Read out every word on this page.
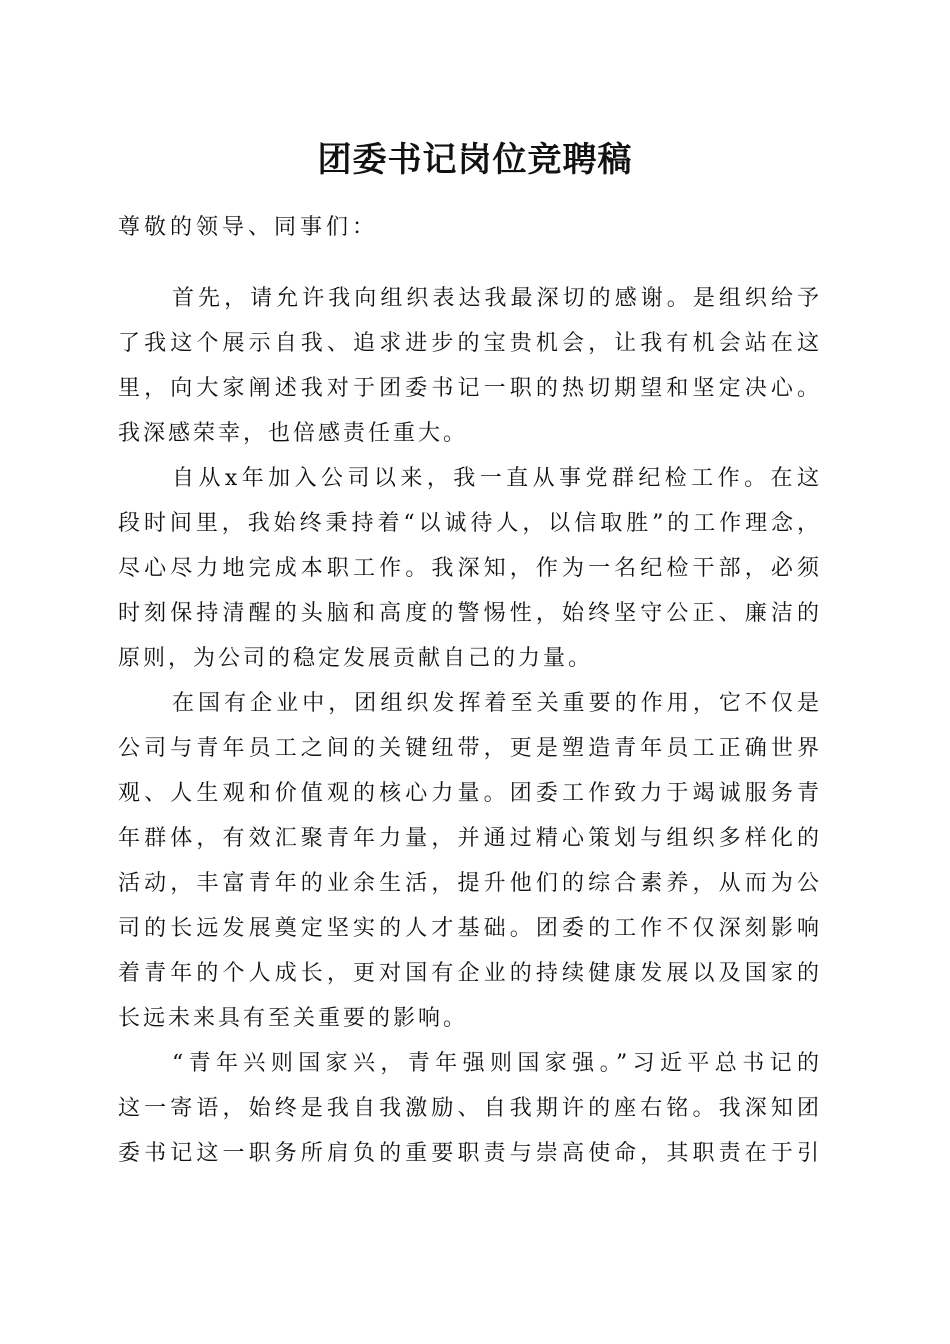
团委书记岗位竞聘稿
尊敬的领导、同事们：
首先，请允许我向组织表达我最深切的感谢。是组织给予
了我这个展示自我、追求进步的宝贵机会，让我有机会站在这
里，向大家阐述我对于团委书记一职的热切期望和坚定决心。
我深感荣幸，也倍感责任重大。
自从x年加入公司以来，我一直从事党群纪检工作。在这
段时间里，我始终秉持着“以诚待人，以信取胜”的工作理念，
尽心尽力地完成本职工作。我深知，作为一名纪检干部，必须
时刻保持清醒的头脑和高度的警惕性，始终坚守公正、廉洁的
原则，为公司的稳定发展贡献自己的力量。
在国有企业中，团组织发挥着至关重要的作用，它不仅是
公司与青年员工之间的关键纽带，更是塑造青年员工正确世界
观、人生观和价值观的核心力量。团委工作致力于竭诚服务青
年群体，有效汇聚青年力量，并通过精心策划与组织多样化的
活动，丰富青年的业余生活，提升他们的综合素养，从而为公
司的长远发展奠定坚实的人才基础。团委的工作不仅深刻影响
着青年的个人成长，更对国有企业的持续健康发展以及国家的
长远未来具有至关重要的影响。
“青年兴则国家兴，青年强则国家强。”习近平总书记的
这一寄语，始终是我自我激励、自我期许的座右铭。我深知团
委书记这一职务所肩负的重要职责与崇高使命，其职责在于引
